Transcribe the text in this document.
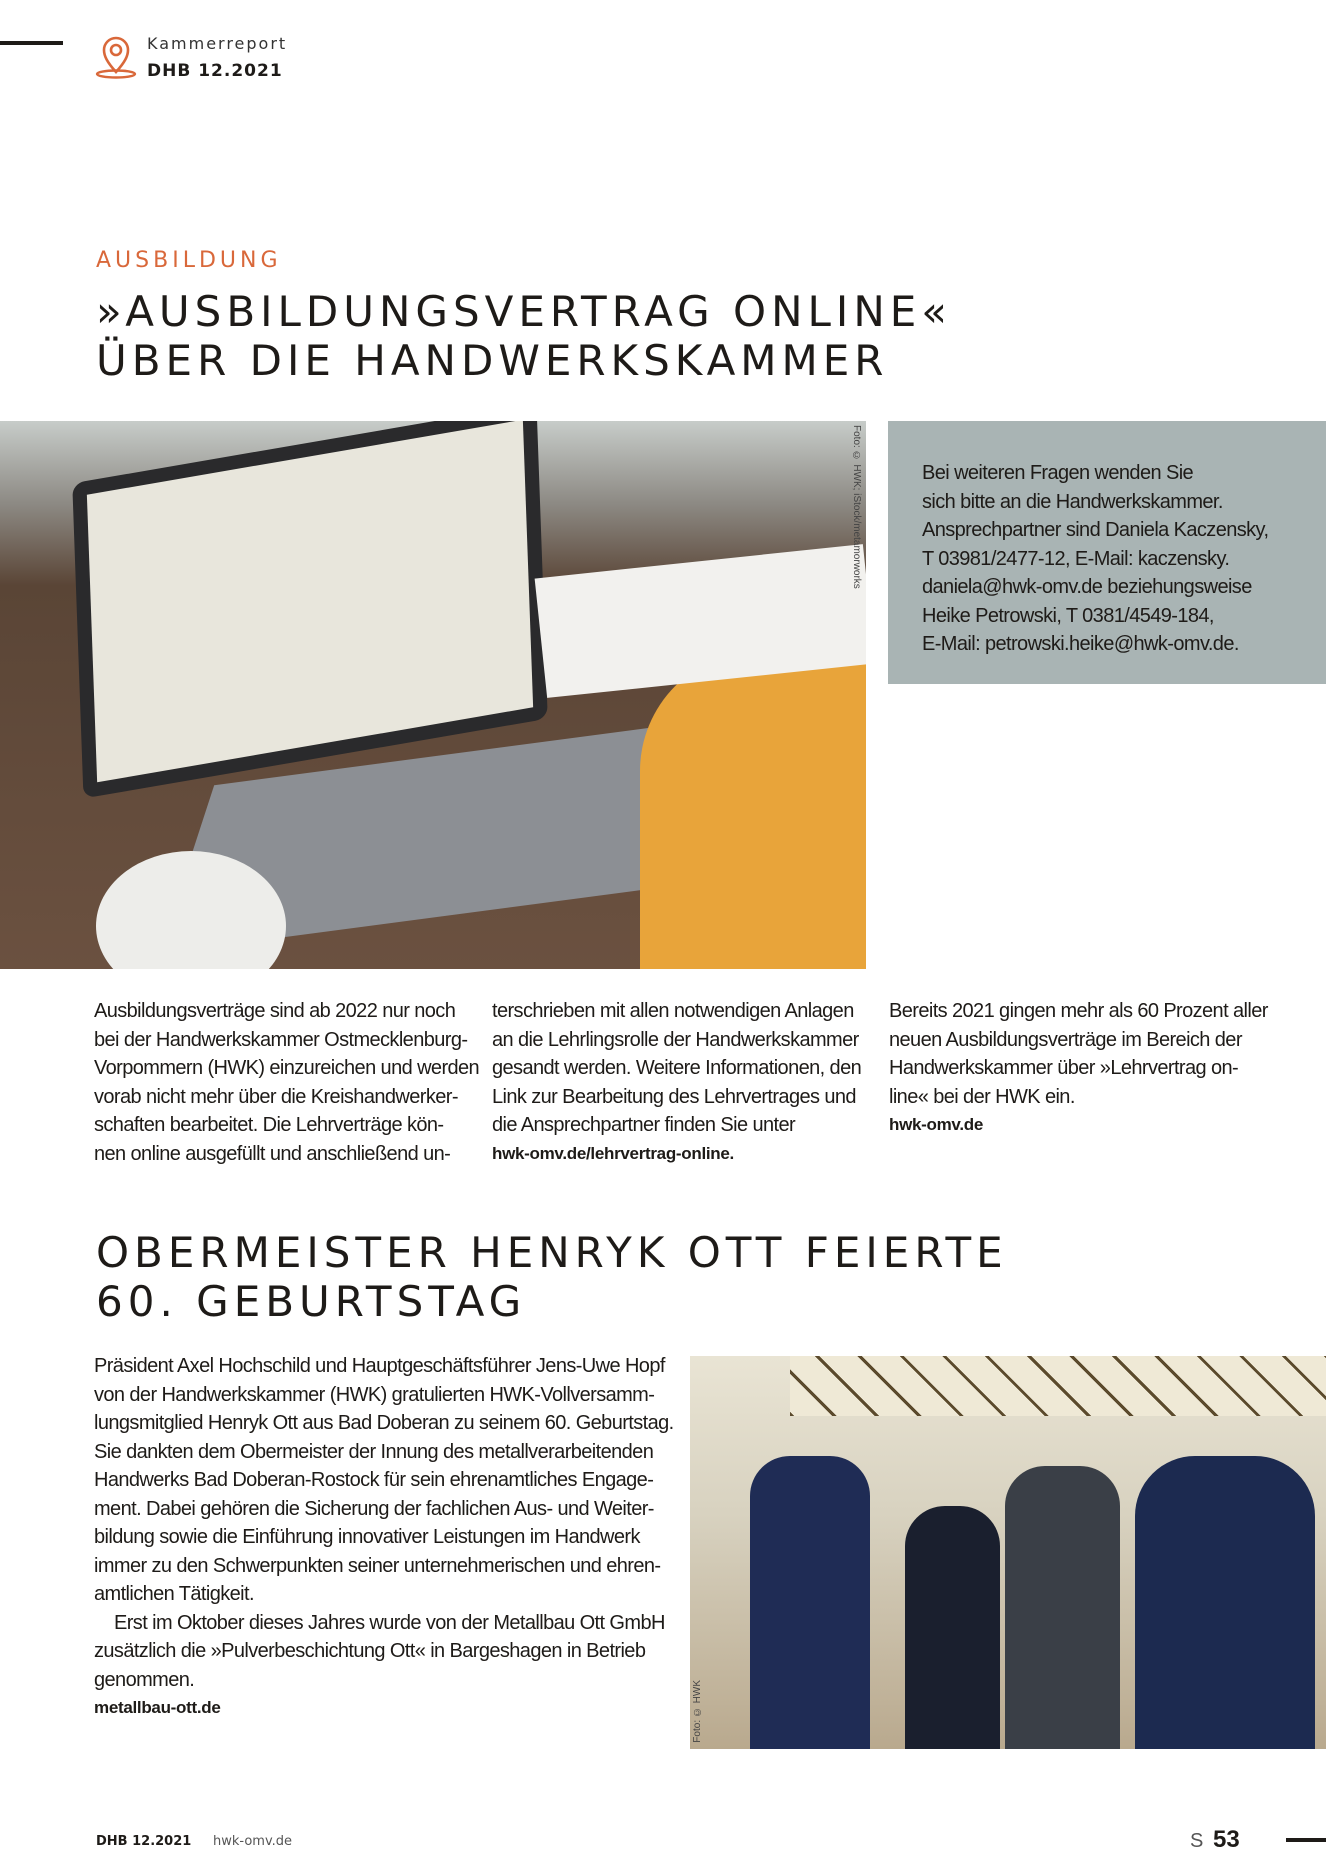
Kammerreport
DHB 12.2021
AUSBILDUNG
»AUSBILDUNGSVERTRAG ONLINE«
ÜBER DIE HANDWERKSKAMMER
Foto: © HWK; iStock/metamorworks	Bei weiteren Fragen wenden Sie
sich bitte an die Handwerkskammer.
Ansprechpartner sind Daniela Kaczensky,
T 03981/2477-12, E-Mail: kaczensky.
daniela@hwk-omv.de beziehungsweise
Heike Petrowski, T 0381/4549-184,
E-Mail: petrowski.heike@hwk-omv.de.
Ausbildungsverträge sind ab 2022 nur noch
bei der Handwerkskammer Ostmecklenburg-
Vorpommern (HWK) einzureichen und werden
vorab nicht mehr über die Kreishandwerker-
schaften bearbeitet. Die Lehrverträge kön-
nen online ausgefüllt und anschließend un-
terschrieben mit allen notwendigen Anlagen
an die Lehrlingsrolle der Handwerkskammer
gesandt werden. Weitere Informationen, den
Link zur Bearbeitung des Lehrvertrages und
die Ansprechpartner finden Sie unter
hwk-omv.de/lehrvertrag-online.
Bereits 2021 gingen mehr als 60 Prozent aller
neuen Ausbildungsverträge im Bereich der
Handwerkskammer über »Lehrvertrag on-
line« bei der HWK ein.
hwk-omv.de
OBERMEISTER HENRYK OTT FEIERTE
60. GEBURTSTAG
Präsident Axel Hochschild und Hauptgeschäftsführer Jens-Uwe Hopf
von der Handwerkskammer (HWK) gratulierten HWK-Vollversamm-
lungsmitglied Henryk Ott aus Bad Doberan zu seinem 60. Geburtstag.
Sie dankten dem Obermeister der Innung des metallverarbeitenden
Handwerks Bad Doberan-Rostock für sein ehrenamtliches Engage-
ment. Dabei gehören die Sicherung der fachlichen Aus- und Weiter-
bildung sowie die Einführung innovativer Leistungen im Handwerk
immer zu den Schwerpunkten seiner unternehmerischen und ehren-
amtlichen Tätigkeit.
Erst im Oktober dieses Jahres wurde von der Metallbau Ott GmbH
zusätzlich die »Pulverbeschichtung Ott« in Bargeshagen in Betrieb
genommen.
metallbau-ott.de	Foto: © HWK
DHB 12.2021 hwk-omv.de	S 53
